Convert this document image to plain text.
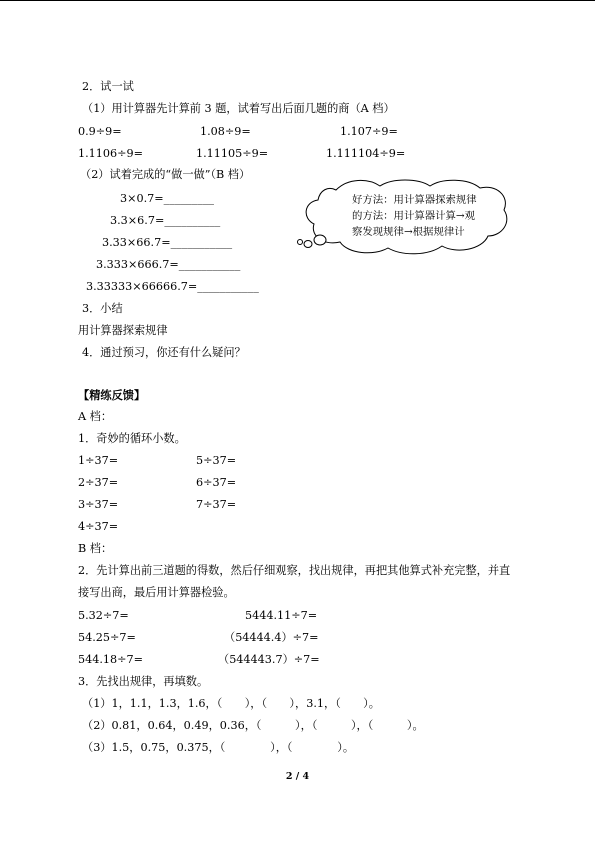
2．试一试
（1）用计算器先计算前 3 题，试着写出后面几题的商（A 档）
0.9÷9=	1.08÷9=	1.107÷9=
1.1106÷9=	1.11105÷9=	1.111104÷9=
（2）试着完成的“做一做”（B 档）
3×0.7=_________
3.3×6.7=__________
3.33×66.7=___________
3.333×666.7=___________
3.33333×66666.7=___________
好方法：用计算器探索规律
的方法：用计算器计算→观
察发现规律→根据规律计
3．小结
用计算器探索规律
4．通过预习，你还有什么疑问？
【精练反馈】
A 档：
1．奇妙的循环小数。
1÷37=	5÷37=
2÷37=	6÷37=
3÷37=	7÷37=
4÷37=
B 档：
2．先计算出前三道题的得数，然后仔细观察，找出规律，再把其他算式补充完整，并直
接写出商，最后用计算器检验。
5.32÷7=	5444.11÷7=
54.25÷7=	（54444.4）÷7=
544.18÷7=	（544443.7）÷7=
3．先找出规律，再填数。
（1）1，1.1，1.3，1.6，（　　），（　　），3.1，（　　）。
（2）0.81，0.64，0.49，0.36，（　　　），（　　　），（　　　）。
（3）1.5，0.75，0.375，（　　　　），（　　　　）。
2 / 4
